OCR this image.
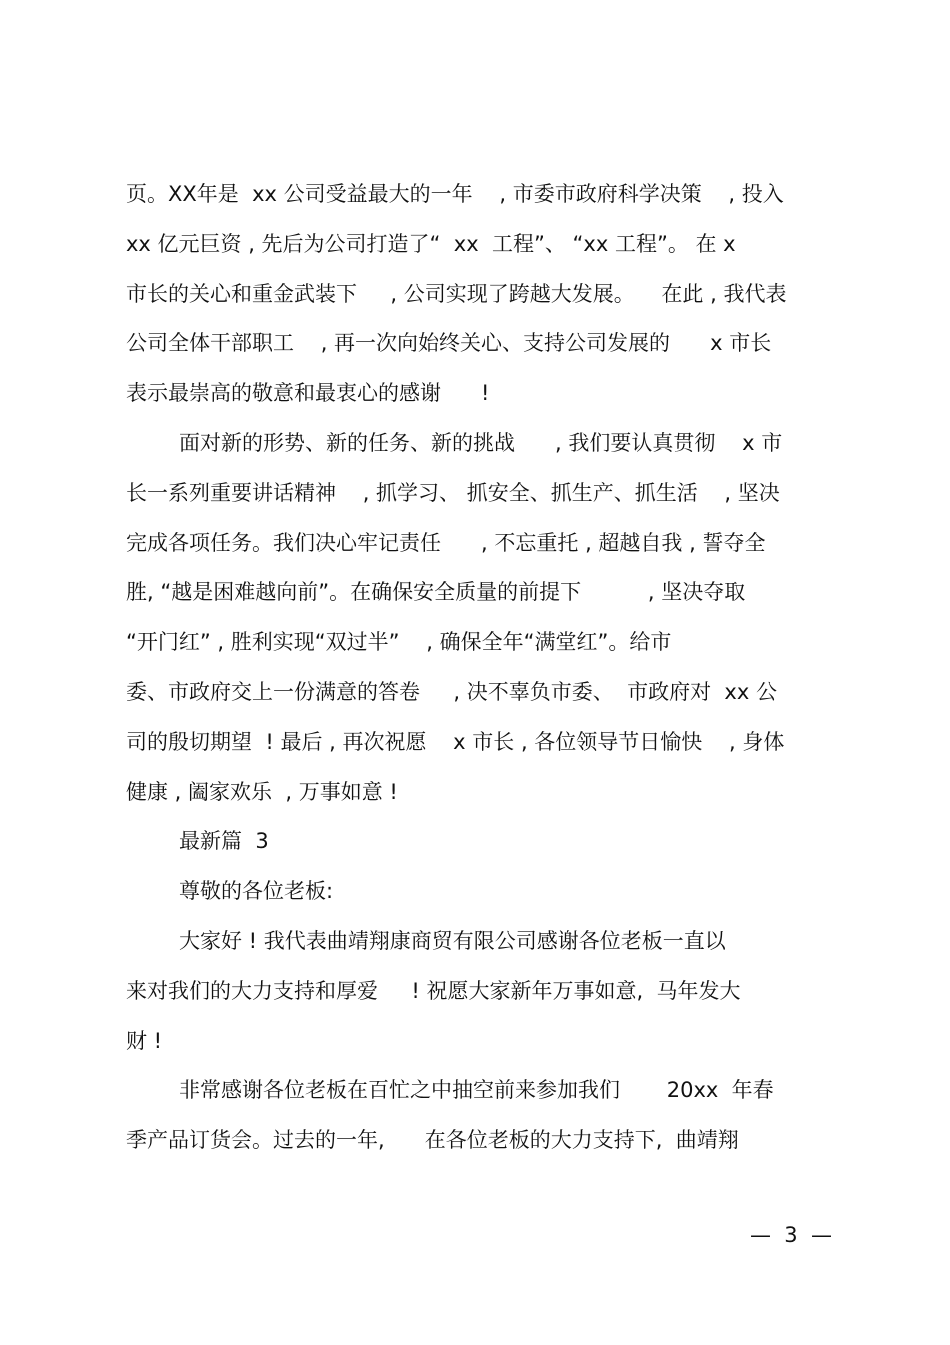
页。XX年是  xx 公司受益最大的一年    , 市委市政府科学决策    , 投入
xx 亿元巨资 , 先后为公司打造了“  xx  工程”、 “xx 工程”。 在 x
市长的关心和重金武装下     , 公司实现了跨越大发展。    在此 , 我代表
公司全体干部职工    , 再一次向始终关心、支持公司发展的      x 市长
表示最崇高的敬意和最衷心的感谢      !
面对新的形势、新的任务、新的挑战      , 我们要认真贯彻    x 市
长一系列重要讲话精神    , 抓学习、 抓安全、抓生产、抓生活    , 坚决
完成各项任务。我们决心牢记责任      , 不忘重托 , 超越自我 , 誓夺全
胜, “越是困难越向前”。在确保安全质量的前提下          , 坚决夺取
“开门红” , 胜利实现“双过半”    , 确保全年“满堂红”。给市
委、市政府交上一份满意的答卷     , 决不辜负市委、  市政府对  xx 公
司的殷切期望  ! 最后 , 再次祝愿    x 市长 , 各位领导节日愉快    , 身体
健康 , 阖家欢乐  , 万事如意 !
最新篇  3
尊敬的各位老板:
大家好 ! 我代表曲靖翔康商贸有限公司感谢各位老板一直以
来对我们的大力支持和厚爱     ! 祝愿大家新年万事如意,  马年发大
财 !
非常感谢各位老板在百忙之中抽空前来参加我们       20xx  年春
季产品订货会。过去的一年,      在各位老板的大力支持下,  曲靖翔
—  3  —
